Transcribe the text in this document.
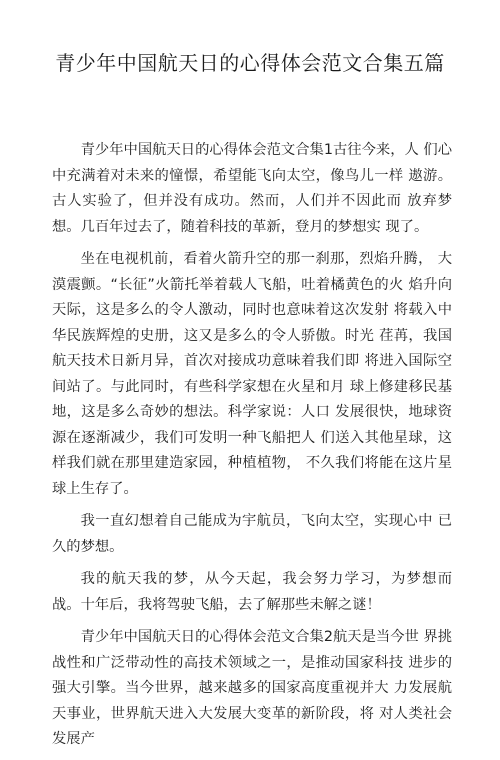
青少年中国航天日的心得体会范文合集五篇

青少年中国航天日的心得体会范文合集1古往今来，人 们心中充满着对未来的憧憬，希望能飞向太空，像鸟儿一样 遨游。古人实验了，但并没有成功。然而，人们并不因此而 放弃梦想。几百年过去了，随着科技的革新，登月的梦想实 现了。

坐在电视机前，看着火箭升空的那一刹那，烈焰升腾， 大漠震颤。“长征”火箭托举着载人飞船，吐着橘黄色的火 焰升向天际，这是多么的令人激动，同时也意味着这次发射 将载入中华民族辉煌的史册，这又是多么的令人骄傲。时光 荏苒，我国航天技术日新月异，首次对接成功意味着我们即 将进入国际空间站了。与此同时，有些科学家想在火星和月 球上修建移民基地，这是多么奇妙的想法。科学家说：人口 发展很快，地球资源在逐渐减少，我们可发明一种飞船把人 们送入其他星球，这样我们就在那里建造家园，种植植物， 不久我们将能在这片星球上生存了。

我一直幻想着自己能成为宇航员，飞向太空，实现心中 已久的梦想。

我的航天我的梦，从今天起，我会努力学习，为梦想而 战。十年后，我将驾驶飞船，去了解那些未解之谜！

青少年中国航天日的心得体会范文合集2航天是当今世 界挑战性和广泛带动性的高技术领域之一，是推动国家科技 进步的强大引擎。当今世界，越来越多的国家高度重视并大 力发展航天事业，世界航天进入大发展大变革的新阶段，将 对人类社会发展产
